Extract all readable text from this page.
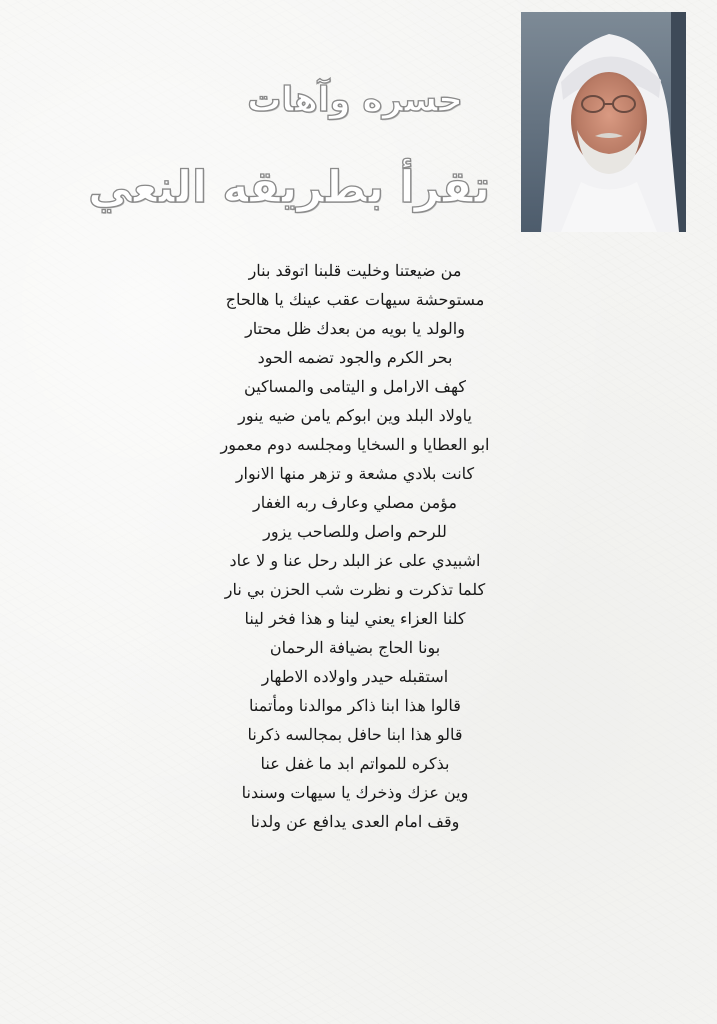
حسره وآهات
تقرأ بطريقه النعي
من ضيعتنا وخليت قلبنا اتوقد بنار
مستوحشة سيهات عقب عينك يا هالحاج
والولد يا بويه من بعدك ظل محتار
بحر الكرم والجود تضمه الحود
كهف الارامل و اليتامى والمساكين
ياولاد البلد وين ابوكم يامن ضيه ينور
ابو العطايا و السخايا ومجلسه دوم معمور
كانت بلادي مشعة و تزهر منها الانوار
مؤمن مصلي وعارف ربه الغفار
للرحم واصل وللصاحب يزور
اشبيدي على عز البلد رحل عنا و لا عاد
كلما تذكرت و نظرت شب الحزن بي نار
كلنا العزاء يعني لينا و هذا فخر لينا
بونا الحاج بضيافة الرحمان
استقبله حيدر واولاده الاطهار
قالوا هذا ابنا ذاكر موالدنا ومأتمنا
قالو هذا ابنا حافل بمجالسه ذكرنا
بذكره للمواتم ابد ما غفل عنا
وين عزك وذخرك يا سيهات وسندنا
وقف امام العدى يدافع عن ولدنا
